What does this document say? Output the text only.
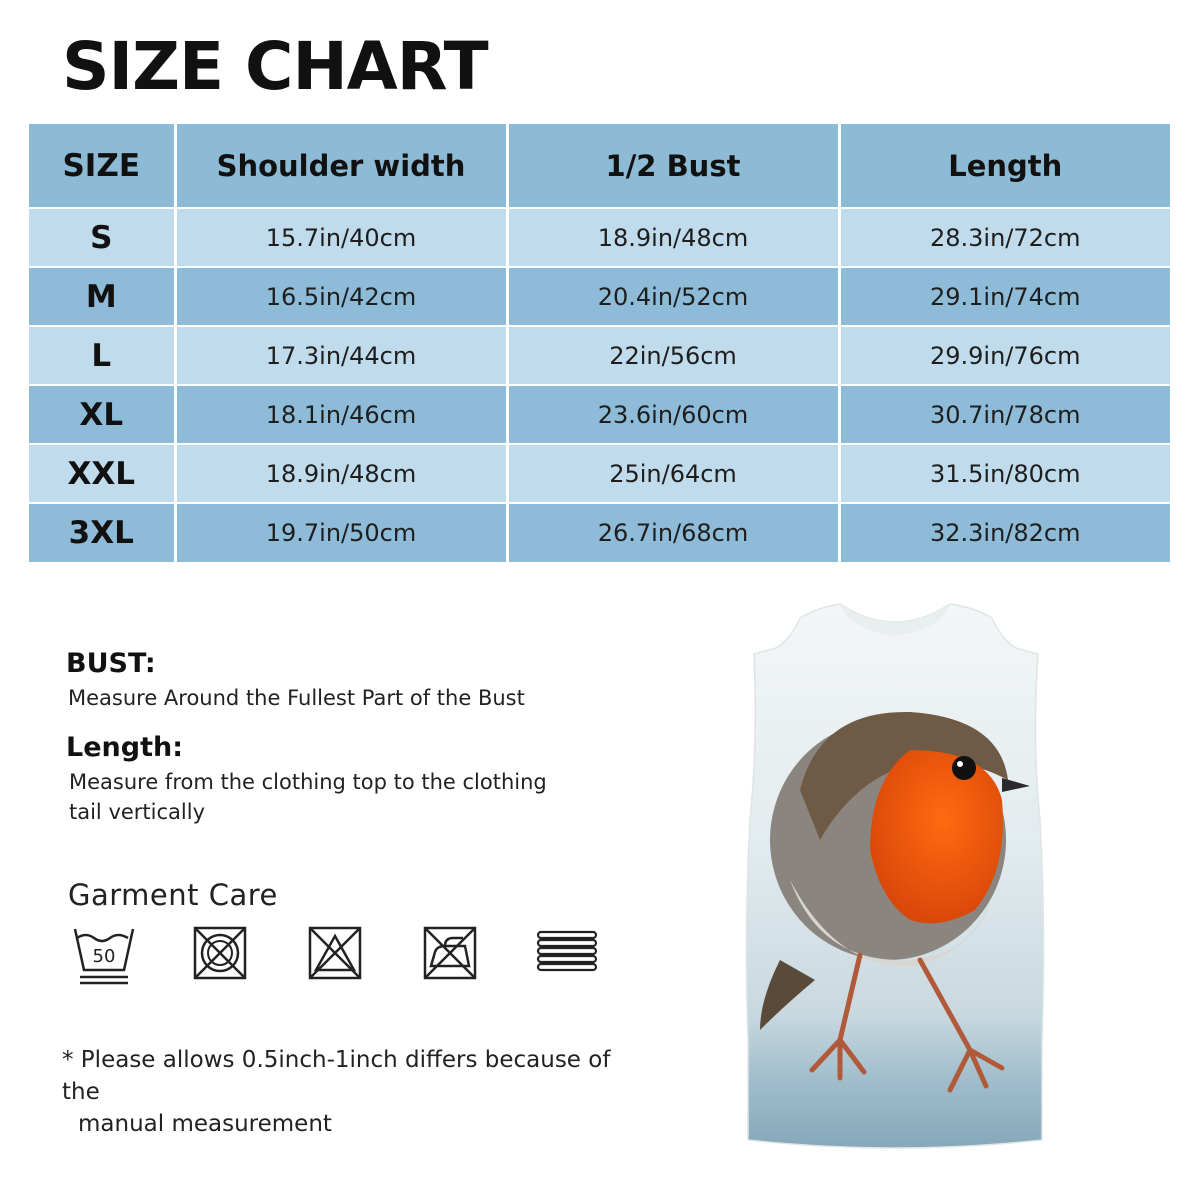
SIZE CHART
SIZE	Shoulder width	1/2 Bust	Length
S	15.7in/40cm	18.9in/48cm	28.3in/72cm
M	16.5in/42cm	20.4in/52cm	29.1in/74cm
L	17.3in/44cm	22in/56cm	29.9in/76cm
XL	18.1in/46cm	23.6in/60cm	30.7in/78cm
XXL	18.9in/48cm	25in/64cm	31.5in/80cm
3XL	19.7in/50cm	26.7in/68cm	32.3in/82cm
BUST:
Measure Around the Fullest Part of the Bust
Length:
Measure from the clothing top to the clothing
tail vertically
Garment Care
50
* Please allows 0.5inch-1inch differs because of the
manual measurement
